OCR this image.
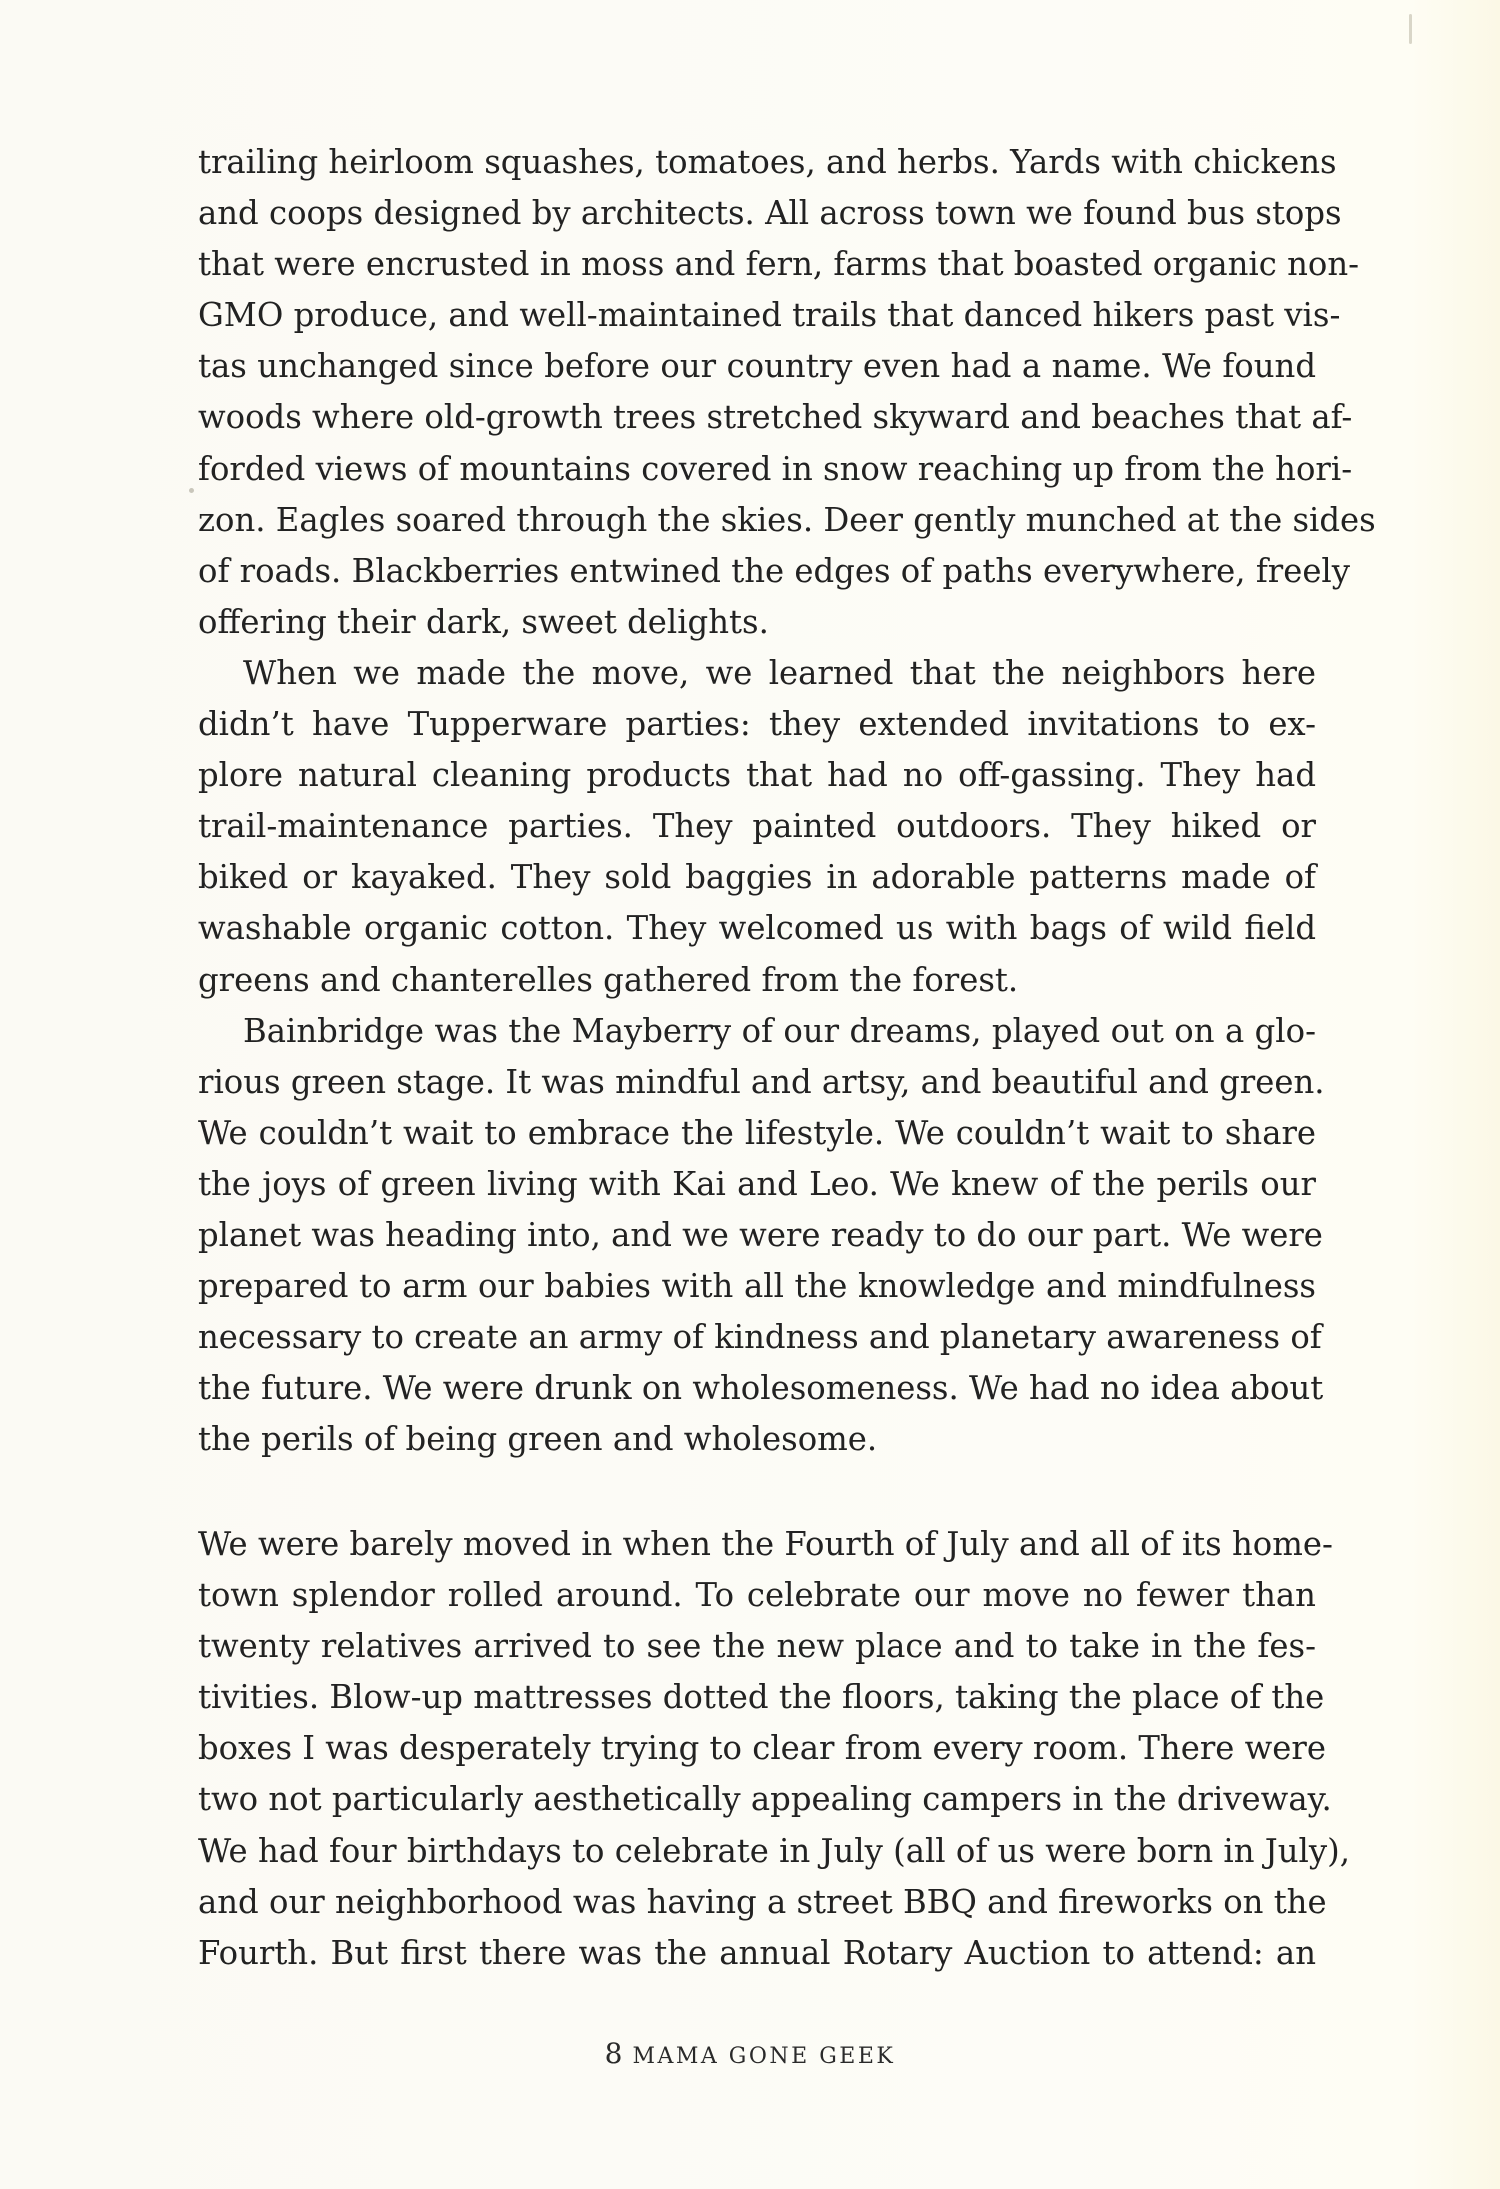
trailing heirloom squashes, tomatoes, and herbs. Yards with chickens
and coops designed by architects. All across town we found bus stops
that were encrusted in moss and fern, farms that boasted organic non-
GMO produce, and well-maintained trails that danced hikers past vis-
tas unchanged since before our country even had a name. We found
woods where old-growth trees stretched skyward and beaches that af-
forded views of mountains covered in snow reaching up from the hori-
zon. Eagles soared through the skies. Deer gently munched at the sides
of roads. Blackberries entwined the edges of paths everywhere, freely
offering their dark, sweet delights.
When we made the move, we learned that the neighbors here
didn’t have Tupperware parties: they extended invitations to ex-
plore natural cleaning products that had no off-gassing. They had
trail-maintenance parties. They painted outdoors. They hiked or
biked or kayaked. They sold baggies in adorable patterns made of
washable organic cotton. They welcomed us with bags of wild field
greens and chanterelles gathered from the forest.
Bainbridge was the Mayberry of our dreams, played out on a glo-
rious green stage. It was mindful and artsy, and beautiful and green.
We couldn’t wait to embrace the lifestyle. We couldn’t wait to share
the joys of green living with Kai and Leo. We knew of the perils our
planet was heading into, and we were ready to do our part. We were
prepared to arm our babies with all the knowledge and mindfulness
necessary to create an army of kindness and planetary awareness of
the future. We were drunk on wholesomeness. We had no idea about
the perils of being green and wholesome.
We were barely moved in when the Fourth of July and all of its home-
town splendor rolled around. To celebrate our move no fewer than
twenty relatives arrived to see the new place and to take in the fes-
tivities. Blow-up mattresses dotted the floors, taking the place of the
boxes I was desperately trying to clear from every room. There were
two not particularly aesthetically appealing campers in the driveway.
We had four birthdays to celebrate in July (all of us were born in July),
and our neighborhood was having a street BBQ and fireworks on the
Fourth. But first there was the annual Rotary Auction to attend: an
8 MAMA GONE GEEK
